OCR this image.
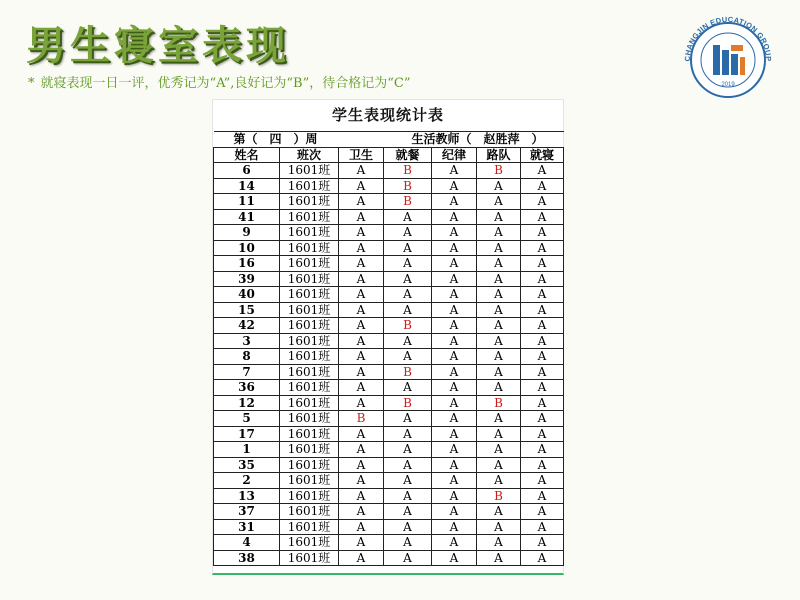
男生寝室表现
* 就寝表现一日一评，优秀记为“A”,良好记为“B”，待合格记为“C”
CHANGJIN EDUCATION GROUP
2019
学生表现统计表
第（　四　）周			生活教师（　赵胜萍　）			
姓名	班次	卫生	就餐	纪律	路队	就寝
6	1601班	A	B	A	B	A
14	1601班	A	B	A	A	A
11	1601班	A	B	A	A	A
41	1601班	A	A	A	A	A
9	1601班	A	A	A	A	A
10	1601班	A	A	A	A	A
16	1601班	A	A	A	A	A
39	1601班	A	A	A	A	A
40	1601班	A	A	A	A	A
15	1601班	A	A	A	A	A
42	1601班	A	B	A	A	A
3	1601班	A	A	A	A	A
8	1601班	A	A	A	A	A
7	1601班	A	B	A	A	A
36	1601班	A	A	A	A	A
12	1601班	A	B	A	B	A
5	1601班	B	A	A	A	A
17	1601班	A	A	A	A	A
1	1601班	A	A	A	A	A
35	1601班	A	A	A	A	A
2	1601班	A	A	A	A	A
13	1601班	A	A	A	B	A
37	1601班	A	A	A	A	A
31	1601班	A	A	A	A	A
4	1601班	A	A	A	A	A
38	1601班	A	A	A	A	A
